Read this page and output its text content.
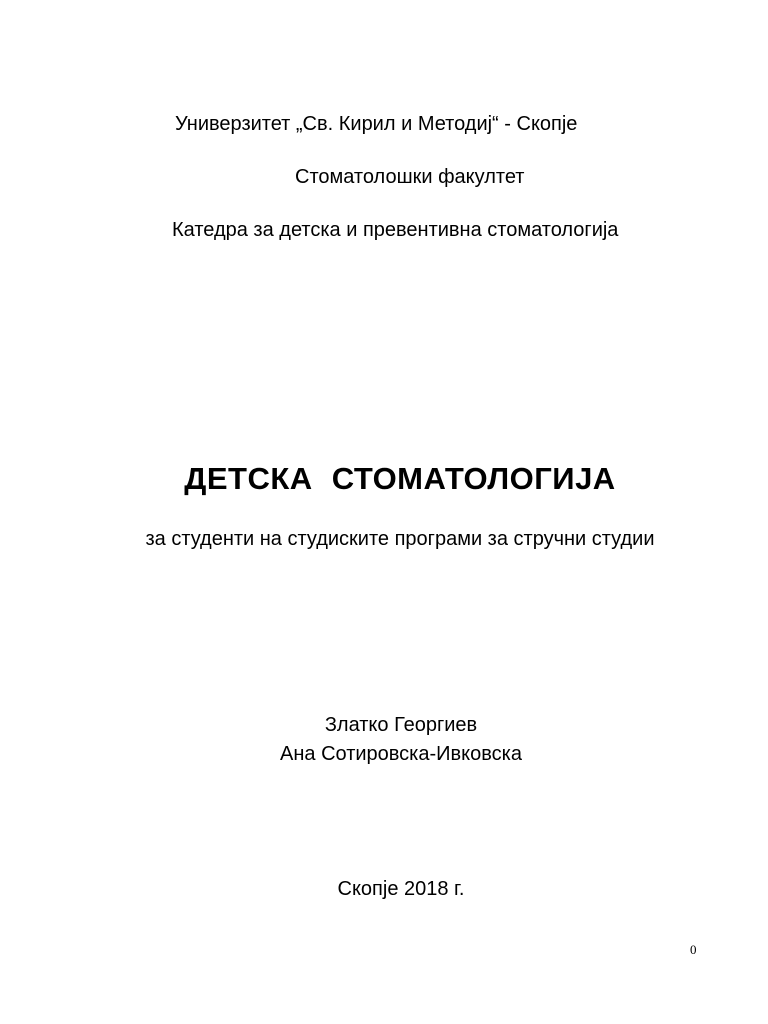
Универзитет „Св. Кирил и Методиј“ - Скопје
Стоматолошки факултет
Катедра за детска и превентивна стоматологија
ДЕТСКА СТОМАТОЛОГИЈА
за студенти на студиските програми за стручни студии
Златко Георгиев
Ана Сотировска-Ивковска
Скопје 2018 г.
0
